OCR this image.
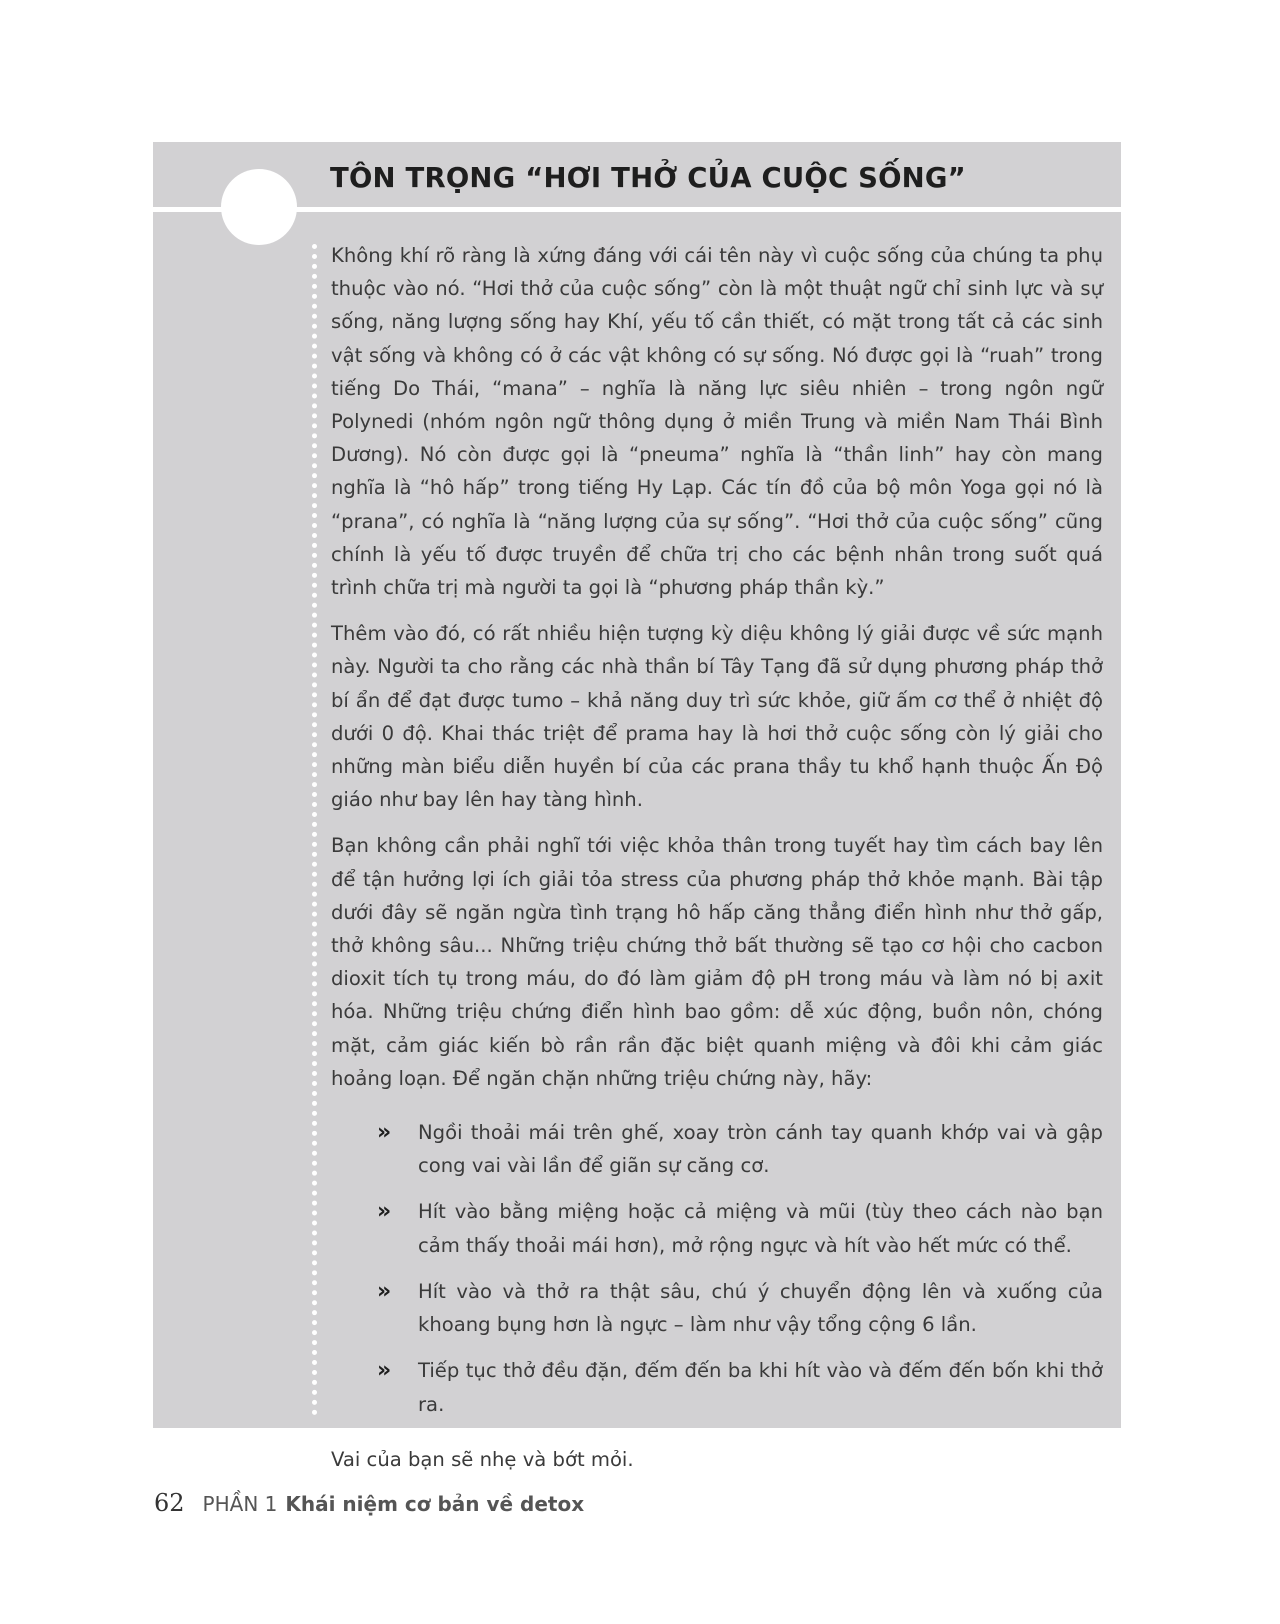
TÔN TRỌNG “HƠI THỞ CỦA CUỘC SỐNG”

Không khí rõ ràng là xứng đáng với cái tên này vì cuộc sống của chúng ta phụ thuộc vào nó. “Hơi thở của cuộc sống” còn là một thuật ngữ chỉ sinh lực và sự sống, năng lượng sống hay Khí, yếu tố cần thiết, có mặt trong tất cả các sinh vật sống và không có ở các vật không có sự sống. Nó được gọi là “ruah” trong tiếng Do Thái, “mana” – nghĩa là năng lực siêu nhiên – trong ngôn ngữ Polynedi (nhóm ngôn ngữ thông dụng ở miền Trung và miền Nam Thái Bình Dương). Nó còn được gọi là “pneuma” nghĩa là “thần linh” hay còn mang nghĩa là “hô hấp” trong tiếng Hy Lạp. Các tín đồ của bộ môn Yoga gọi nó là “prana”, có nghĩa là “năng lượng của sự sống”. “Hơi thở của cuộc sống” cũng chính là yếu tố được truyền để chữa trị cho các bệnh nhân trong suốt quá trình chữa trị mà người ta gọi là “phương pháp thần kỳ.”

Thêm vào đó, có rất nhiều hiện tượng kỳ diệu không lý giải được về sức mạnh này. Người ta cho rằng các nhà thần bí Tây Tạng đã sử dụng phương pháp thở bí ẩn để đạt được tumo – khả năng duy trì sức khỏe, giữ ấm cơ thể ở nhiệt độ dưới 0 độ. Khai thác triệt để prama hay là hơi thở cuộc sống còn lý giải cho những màn biểu diễn huyền bí của các prana thầy tu khổ hạnh thuộc Ấn Độ giáo như bay lên hay tàng hình.

Bạn không cần phải nghĩ tới việc khỏa thân trong tuyết hay tìm cách bay lên để tận hưởng lợi ích giải tỏa stress của phương pháp thở khỏe mạnh. Bài tập dưới đây sẽ ngăn ngừa tình trạng hô hấp căng thẳng điển hình như thở gấp, thở không sâu... Những triệu chứng thở bất thường sẽ tạo cơ hội cho cacbon dioxit tích tụ trong máu, do đó làm giảm độ pH trong máu và làm nó bị axit hóa. Những triệu chứng điển hình bao gồm: dễ xúc động, buồn nôn, chóng mặt, cảm giác kiến bò rần rần đặc biệt quanh miệng và đôi khi cảm giác hoảng loạn. Để ngăn chặn những triệu chứng này, hãy:

» Ngồi thoải mái trên ghế, xoay tròn cánh tay quanh khớp vai và gập cong vai vài lần để giãn sự căng cơ.
» Hít vào bằng miệng hoặc cả miệng và mũi (tùy theo cách nào bạn cảm thấy thoải mái hơn), mở rộng ngực và hít vào hết mức có thể.
» Hít vào và thở ra thật sâu, chú ý chuyển động lên và xuống của khoang bụng hơn là ngực – làm như vậy tổng cộng 6 lần.
» Tiếp tục thở đều đặn, đếm đến ba khi hít vào và đếm đến bốn khi thở ra.

Vai của bạn sẽ nhẹ và bớt mỏi.

62 PHẦN 1 Khái niệm cơ bản về detox
